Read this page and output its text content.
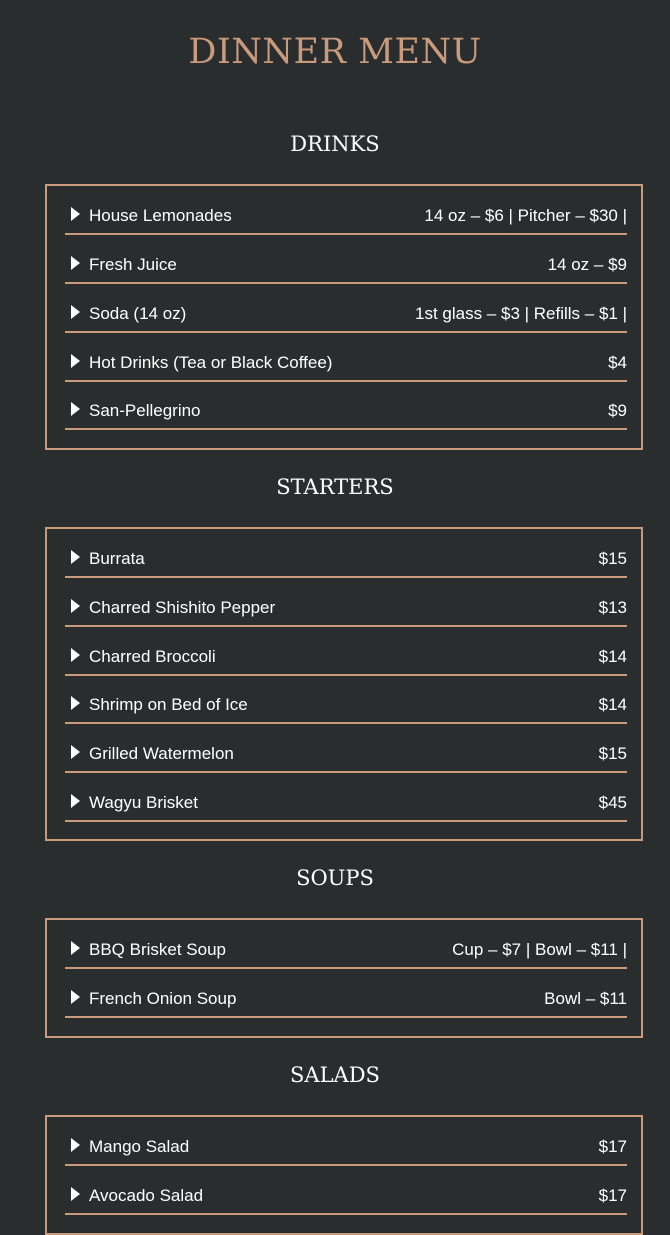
DINNER MENU
DRINKS
House Lemonades	14 oz – $6 | Pitcher – $30 |
Fresh Juice	14 oz – $9
Soda (14 oz)	1st glass – $3 | Refills – $1 |
Hot Drinks (Tea or Black Coffee)	$4
San-Pellegrino	$9
STARTERS
Burrata	$15
Charred Shishito Pepper	$13
Charred Broccoli	$14
Shrimp on Bed of Ice	$14
Grilled Watermelon	$15
Wagyu Brisket	$45
SOUPS
BBQ Brisket Soup	Cup – $7 | Bowl – $11 |
French Onion Soup	Bowl – $11
SALADS
Mango Salad	$17
Avocado Salad	$17
